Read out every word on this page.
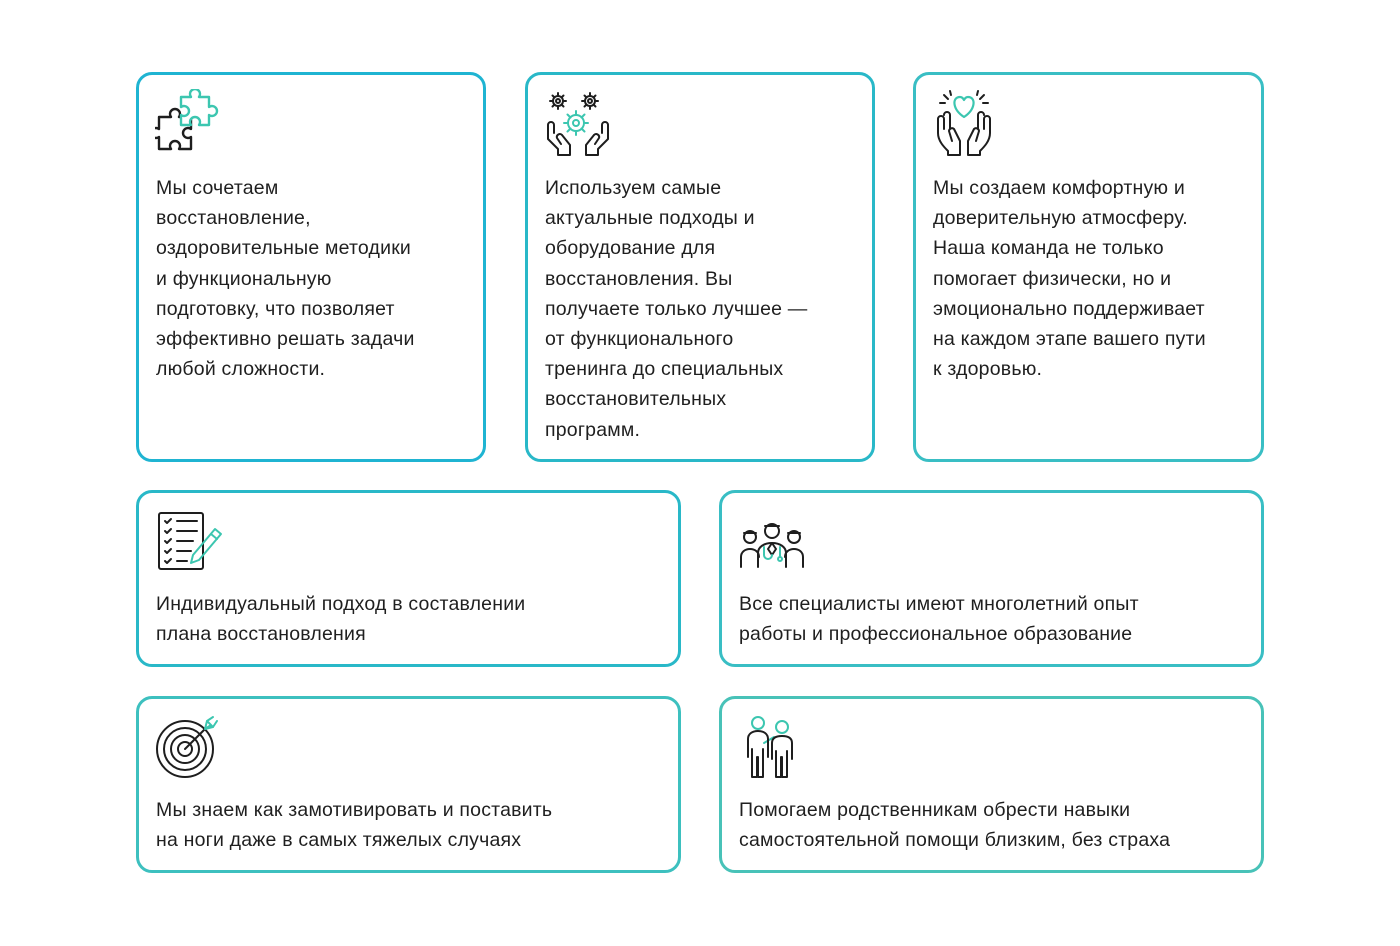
Мы сочетаем
восстановление,
оздоровительные методики
и функциональную
подготовку, что позволяет
эффективно решать задачи
любой сложности.

Используем самые
актуальные подходы и
оборудование для
восстановления. Вы
получаете только лучшее —
от функционального
тренинга до специальных
восстановительных
программ.

Мы создаем комфортную и
доверительную атмосферу.
Наша команда не только
помогает физически, но и
эмоционально поддерживает
на каждом этапе вашего пути
к здоровью.

Индивидуальный подход в составлении
плана восстановления

Все специалисты имеют многолетний опыт
работы и профессиональное образование

Мы знаем как замотивировать и поставить
на ноги даже в самых тяжелых случаях

Помогаем родственникам обрести навыки
самостоятельной помощи близким, без страха
